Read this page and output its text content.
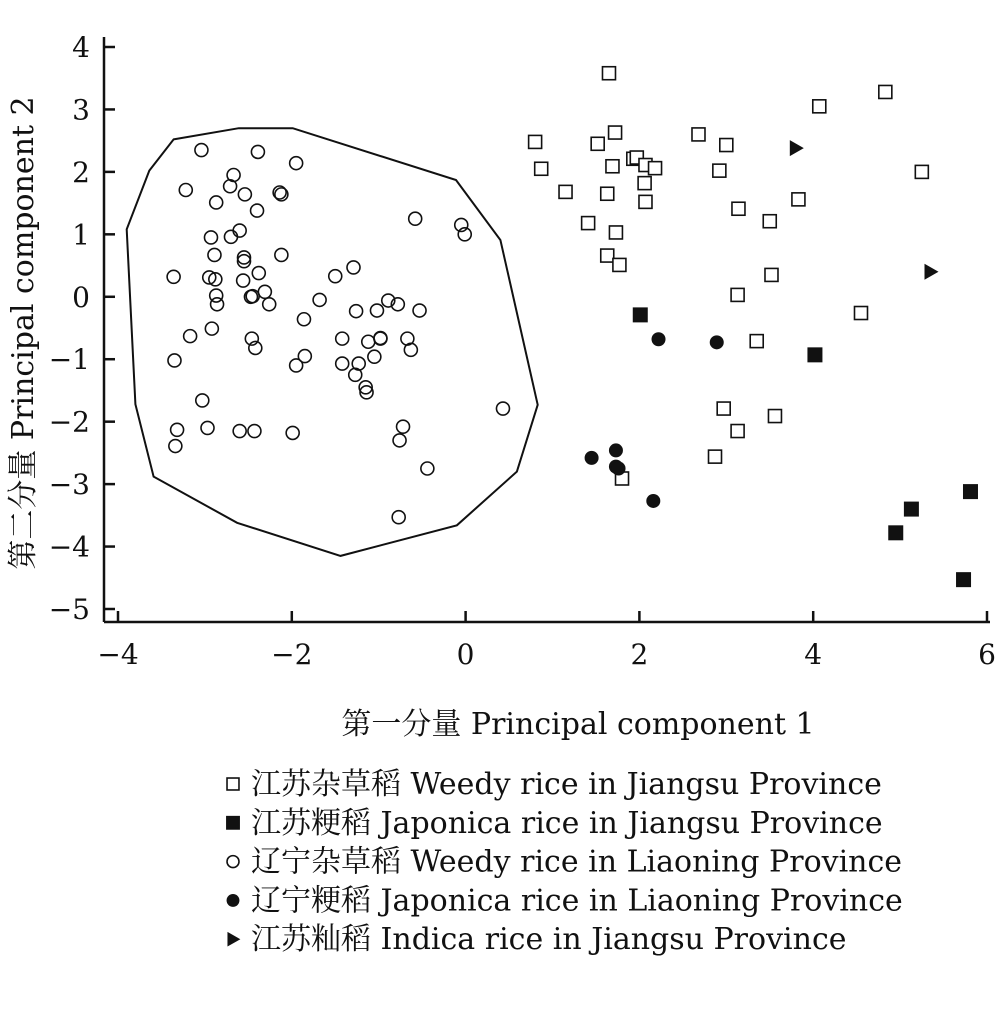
−4	−2	0	2	4	6
−5
−4
−3
−2
−1
0
1
2
3
4
第一分量 Principal component 1
第二分量 Principal component 2
江苏杂草稻 Weedy rice in Jiangsu Province
江苏粳稻 Japonica rice in Jiangsu Province
辽宁杂草稻 Weedy rice in Liaoning Province
辽宁粳稻 Japonica rice in Liaoning Province
江苏籼稻 Indica rice in Jiangsu Province
